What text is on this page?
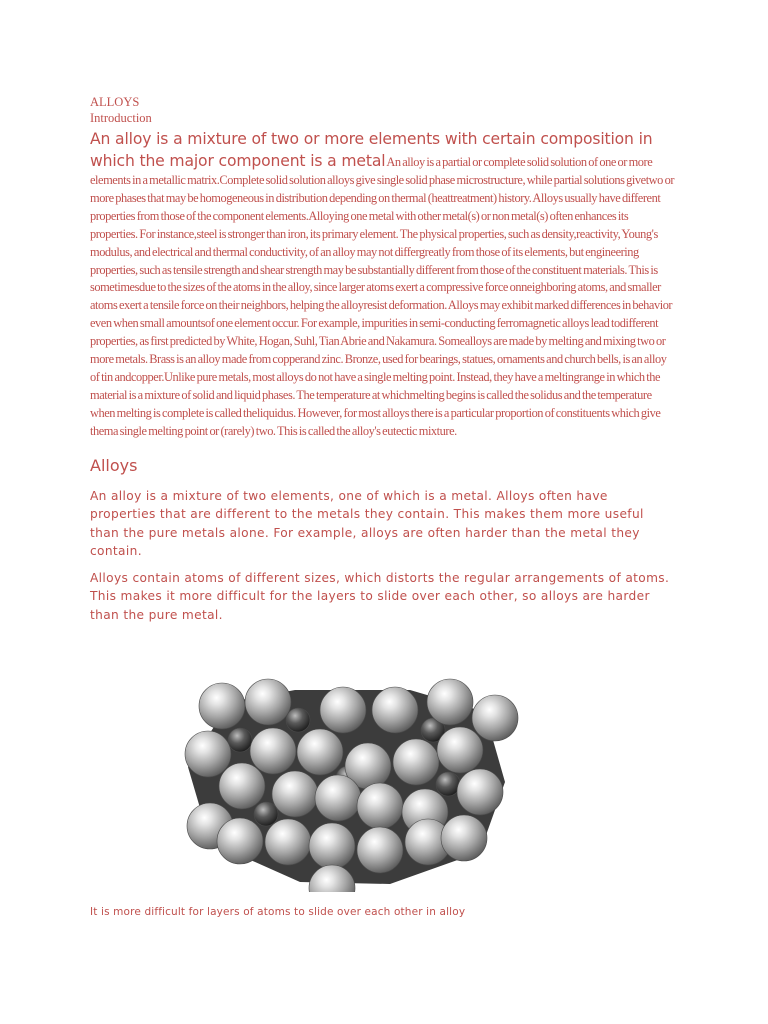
ALLOYS
Introduction

An alloy is a mixture of two or more elements with certain composition in which the major component is a metal An alloy is a partial or complete solid solution of one or more elements in a metallic matrix.Complete solid solution alloys give single solid phase microstructure, while partial solutions givetwo or more phases that may be homogeneous in distribution depending on thermal (heattreatment) history. Alloys usually have different properties from those of the component elements.Alloying one metal with other metal(s) or non metal(s) often enhances its properties. For instance,steel is stronger than iron, its primary element. The physical properties, such as density,reactivity, Young's modulus, and electrical and thermal conductivity, of an alloy may not differgreatly from those of its elements, but engineering properties, such as tensile strength and shear strength may be substantially different from those of the constituent materials. This is sometimesdue to the sizes of the atoms in the alloy, since larger atoms exert a compressive force onneighboring atoms, and smaller atoms exert a tensile force on their neighbors, helping the alloyresist deformation. Alloys may exhibit marked differences in behavior even when small amountsof one element occur. For example, impurities in semi-conducting ferromagnetic alloys lead todifferent properties, as first predicted by White, Hogan, Suhl, Tian Abrie and Nakamura. Somealloys are made by melting and mixing two or more metals. Brass is an alloy made from copperand zinc. Bronze, used for bearings, statues, ornaments and church bells, is an alloy of tin andcopper.Unlike pure metals, most alloys do not have a single melting point. Instead, they have a meltingrange in which the material is a mixture of solid and liquid phases. The temperature at whichmelting begins is called the solidus and the temperature when melting is complete is called theliquidus. However, for most alloys there is a particular proportion of constituents which give thema single melting point or (rarely) two. This is called the alloy's eutectic mixture.

Alloys

An alloy is a mixture of two elements, one of which is a metal. Alloys often have properties that are different to the metals they contain. This makes them more useful than the pure metals alone. For example, alloys are often harder than the metal they contain.

Alloys contain atoms of different sizes, which distorts the regular arrangements of atoms. This makes it more difficult for the layers to slide over each other, so alloys are harder than the pure metal.

It is more difficult for layers of atoms to slide over each other in alloy
